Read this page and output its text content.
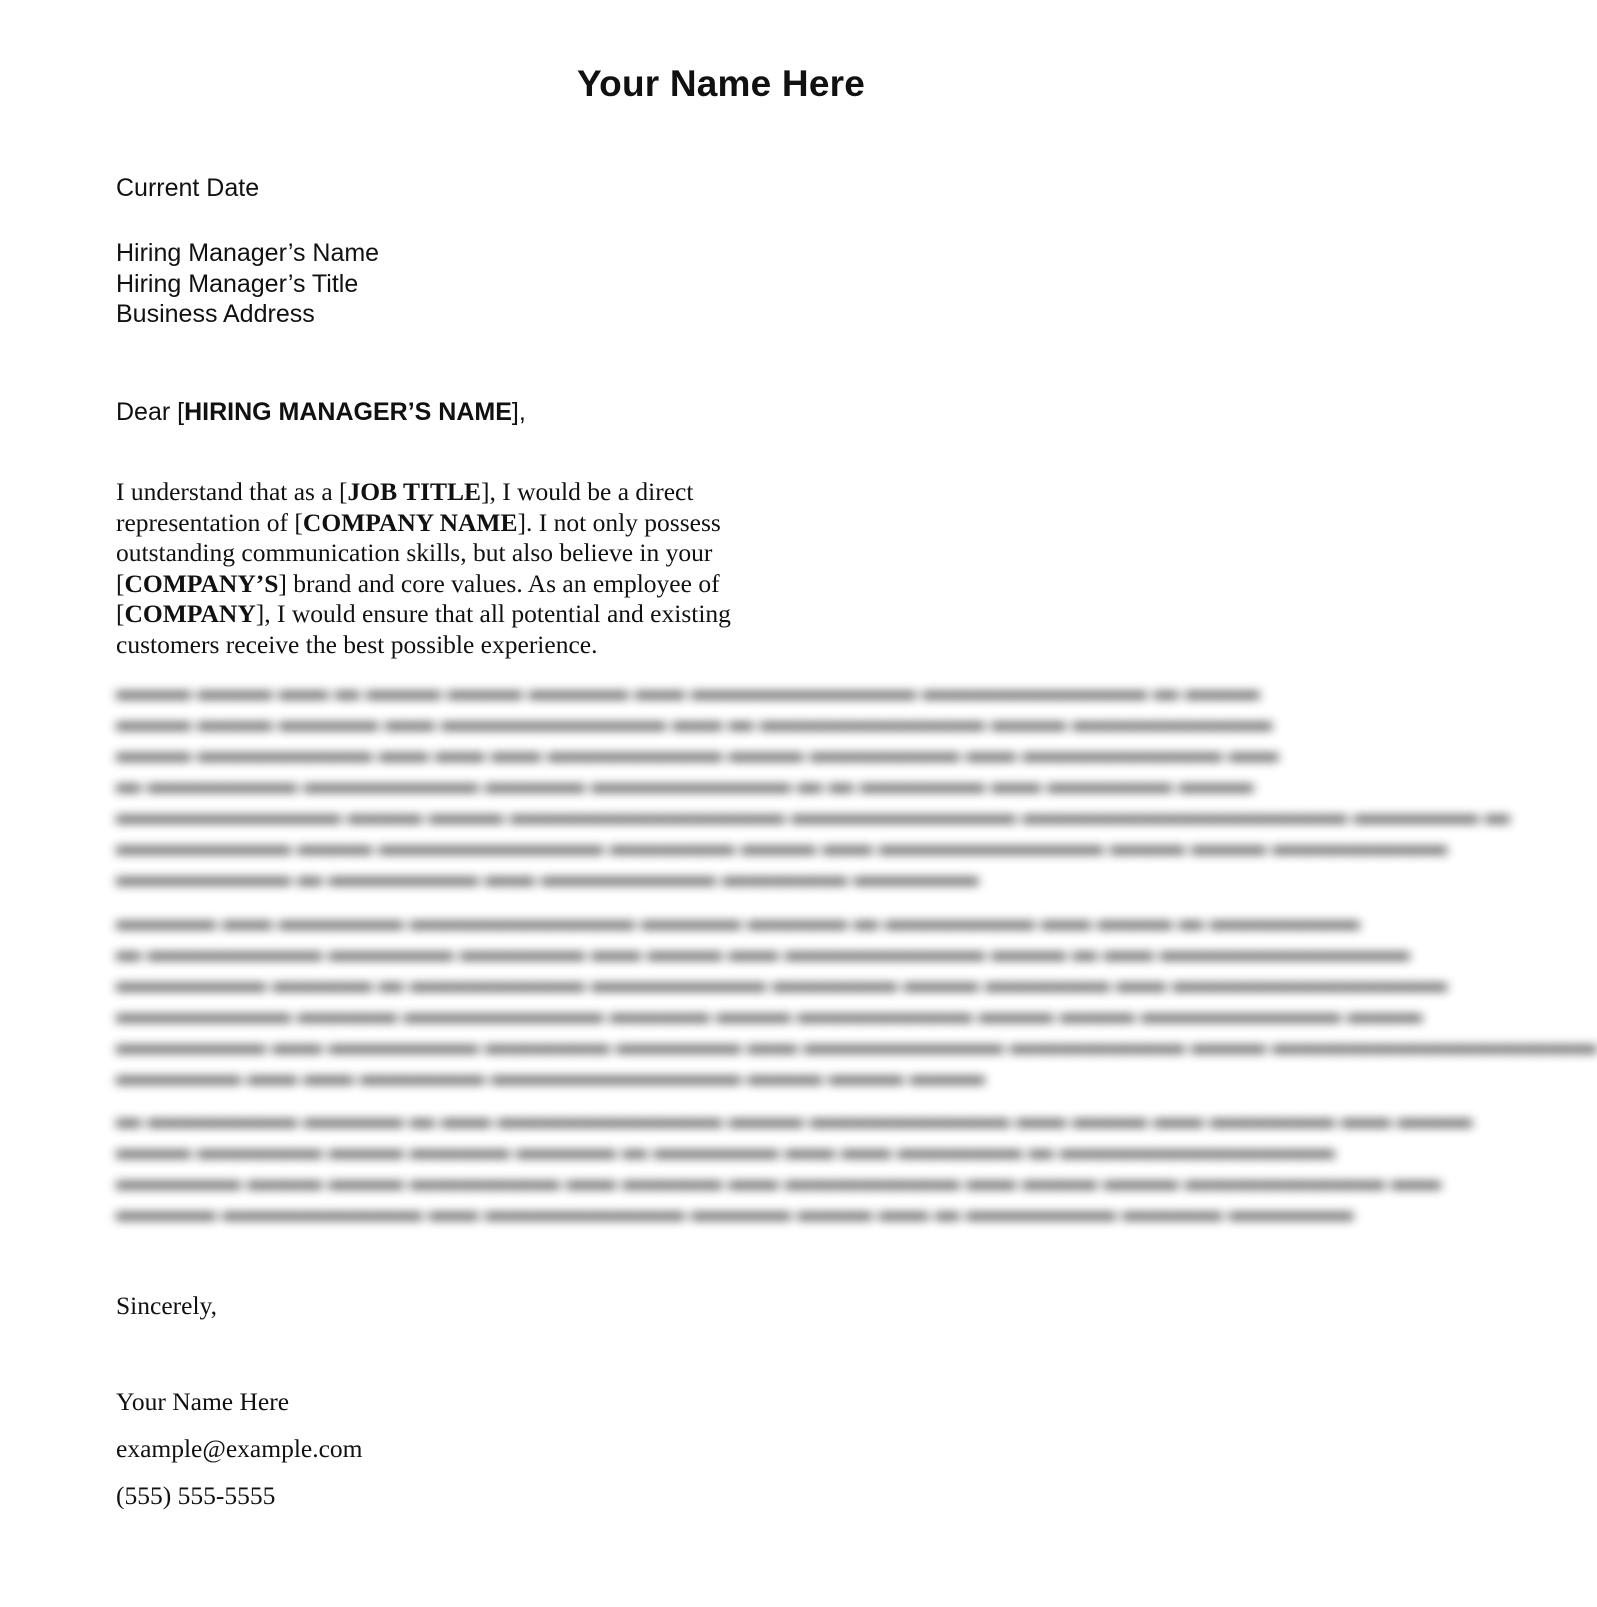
Your Name Here
Current Date
Hiring Manager’s Name
Hiring Manager’s Title
Business Address
Dear [HIRING MANAGER’S NAME],
I understand that as a [JOB TITLE], I would be a direct
representation of [COMPANY NAME]. I not only possess
outstanding communication skills, but also believe in your
[COMPANY’S] brand and core values. As an employee of
[COMPANY], I would ensure that all potential and existing
customers receive the best possible experience.
▬▬▬ ▬▬▬ ▬▬ ▬ ▬▬▬ ▬▬▬ ▬▬▬▬ ▬▬ ▬▬▬▬▬▬▬▬▬ ▬▬▬▬▬▬▬▬▬ ▬ ▬▬▬
▬▬▬ ▬▬▬ ▬▬▬▬ ▬▬ ▬▬▬▬▬▬▬▬▬ ▬▬ ▬ ▬▬▬▬▬▬▬▬▬ ▬▬▬ ▬▬▬▬▬▬▬▬
▬▬▬ ▬▬▬▬▬▬▬ ▬▬ ▬▬ ▬▬ ▬▬▬▬▬▬▬ ▬▬▬ ▬▬▬▬▬▬ ▬▬ ▬▬▬▬▬▬▬▬ ▬▬
▬ ▬▬▬▬▬▬ ▬▬▬▬▬▬▬ ▬▬▬▬ ▬▬▬▬▬▬▬▬ ▬ ▬ ▬▬▬▬▬ ▬▬ ▬▬▬▬▬ ▬▬▬
▬▬▬▬▬▬▬▬▬ ▬▬▬ ▬▬▬ ▬▬▬▬▬▬▬▬▬▬▬ ▬▬▬▬▬▬▬▬▬ ▬▬▬▬▬▬▬▬▬▬▬▬▬ ▬▬▬▬▬ ▬
▬▬▬▬▬▬▬ ▬▬▬ ▬▬▬▬▬▬▬▬▬ ▬▬▬▬▬ ▬▬▬ ▬▬ ▬▬▬▬▬▬▬▬▬ ▬▬▬ ▬▬▬ ▬▬▬▬▬▬▬
▬▬▬▬▬▬▬ ▬ ▬▬▬▬▬▬ ▬▬ ▬▬▬▬▬▬▬ ▬▬▬▬▬ ▬▬▬▬▬
▬▬▬▬ ▬▬ ▬▬▬▬▬ ▬▬▬▬▬▬▬▬▬ ▬▬▬▬ ▬▬▬▬ ▬ ▬▬▬▬▬▬ ▬▬ ▬▬▬ ▬ ▬▬▬▬▬▬
▬ ▬▬▬▬▬▬▬ ▬▬▬▬▬ ▬▬▬▬▬ ▬▬ ▬▬▬ ▬▬ ▬▬▬▬▬▬▬▬ ▬▬▬ ▬ ▬▬ ▬▬▬▬▬▬▬▬▬▬
▬▬▬▬▬▬ ▬▬▬▬ ▬ ▬▬▬▬▬▬▬ ▬▬▬▬▬▬▬ ▬▬▬▬▬ ▬▬▬ ▬▬▬▬▬ ▬▬ ▬▬▬▬▬▬▬▬▬▬▬
▬▬▬▬▬▬▬ ▬▬▬▬ ▬▬▬▬▬▬▬▬ ▬▬▬▬ ▬▬▬ ▬▬▬▬▬▬▬ ▬▬▬ ▬▬▬ ▬▬▬▬▬▬▬▬ ▬▬▬
▬▬▬▬▬▬ ▬▬ ▬▬▬▬▬▬ ▬▬▬▬▬ ▬▬▬▬▬ ▬▬ ▬▬▬▬▬▬▬▬ ▬▬▬▬▬▬▬ ▬▬▬ ▬▬▬▬▬▬▬▬▬▬▬▬▬
▬▬▬▬▬ ▬▬ ▬▬ ▬▬▬▬▬ ▬▬▬▬▬▬▬▬▬▬ ▬▬▬ ▬▬▬ ▬▬▬
▬ ▬▬▬▬▬▬ ▬▬▬▬ ▬ ▬▬ ▬▬▬▬▬▬▬▬▬ ▬▬▬ ▬▬▬▬▬▬▬▬ ▬▬ ▬▬▬ ▬▬ ▬▬▬▬▬ ▬▬ ▬▬▬
▬▬▬ ▬▬▬▬▬ ▬▬▬ ▬▬▬▬ ▬▬▬▬ ▬ ▬▬▬▬▬ ▬▬ ▬▬ ▬▬▬▬▬ ▬ ▬▬▬▬▬▬▬▬▬▬▬
▬▬▬▬▬ ▬▬▬ ▬▬▬ ▬▬▬▬▬▬ ▬▬ ▬▬▬▬ ▬▬ ▬▬▬▬▬▬▬ ▬▬ ▬▬▬ ▬▬▬ ▬▬▬▬▬▬▬▬ ▬▬
▬▬▬▬ ▬▬▬▬▬▬▬▬ ▬▬ ▬▬▬▬▬▬▬▬ ▬▬▬▬ ▬▬▬ ▬▬ ▬ ▬▬▬▬▬▬ ▬▬▬▬ ▬▬▬▬▬
Sincerely,
Your Name Here
example@example.com
(555) 555-5555
